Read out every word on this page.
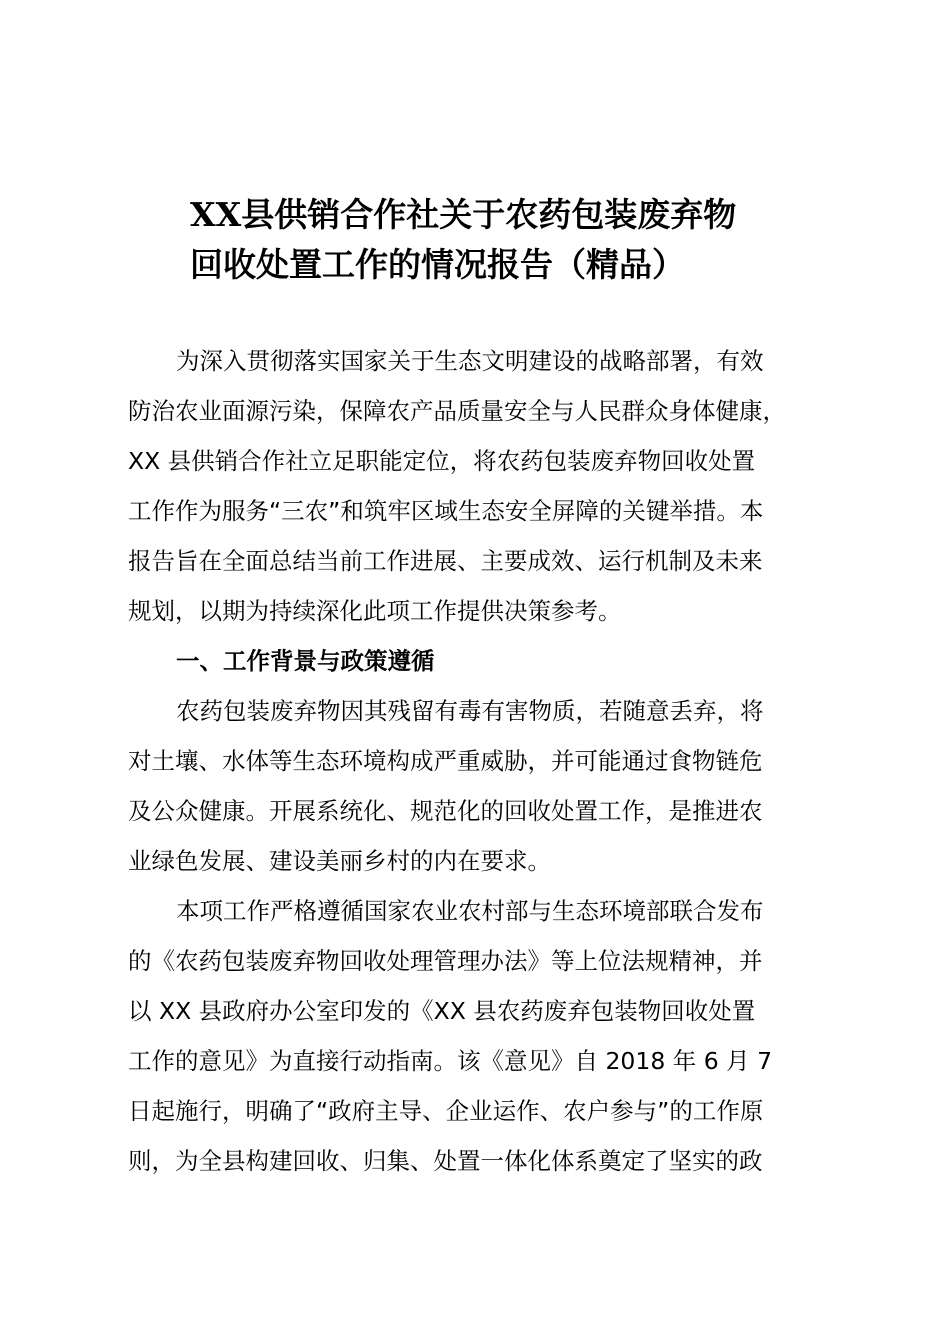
XX县供销合作社关于农药包装废弃物
回收处置工作的情况报告（精品）
为深入贯彻落实国家关于生态文明建设的战略部署，有效
防治农业面源污染，保障农产品质量安全与人民群众身体健康，
XX 县供销合作社立足职能定位，将农药包装废弃物回收处置
工作作为服务“三农”和筑牢区域生态安全屏障的关键举措。本
报告旨在全面总结当前工作进展、主要成效、运行机制及未来
规划，以期为持续深化此项工作提供决策参考。
一、工作背景与政策遵循
农药包装废弃物因其残留有毒有害物质，若随意丢弃，将
对土壤、水体等生态环境构成严重威胁，并可能通过食物链危
及公众健康。开展系统化、规范化的回收处置工作，是推进农
业绿色发展、建设美丽乡村的内在要求。
本项工作严格遵循国家农业农村部与生态环境部联合发布
的《农药包装废弃物回收处理管理办法》等上位法规精神，并
以 XX 县政府办公室印发的《XX 县农药废弃包装物回收处置
工作的意见》为直接行动指南。该《意见》自 2018 年 6 月 7
日起施行，明确了“政府主导、企业运作、农户参与”的工作原
则，为全县构建回收、归集、处置一体化体系奠定了坚实的政
